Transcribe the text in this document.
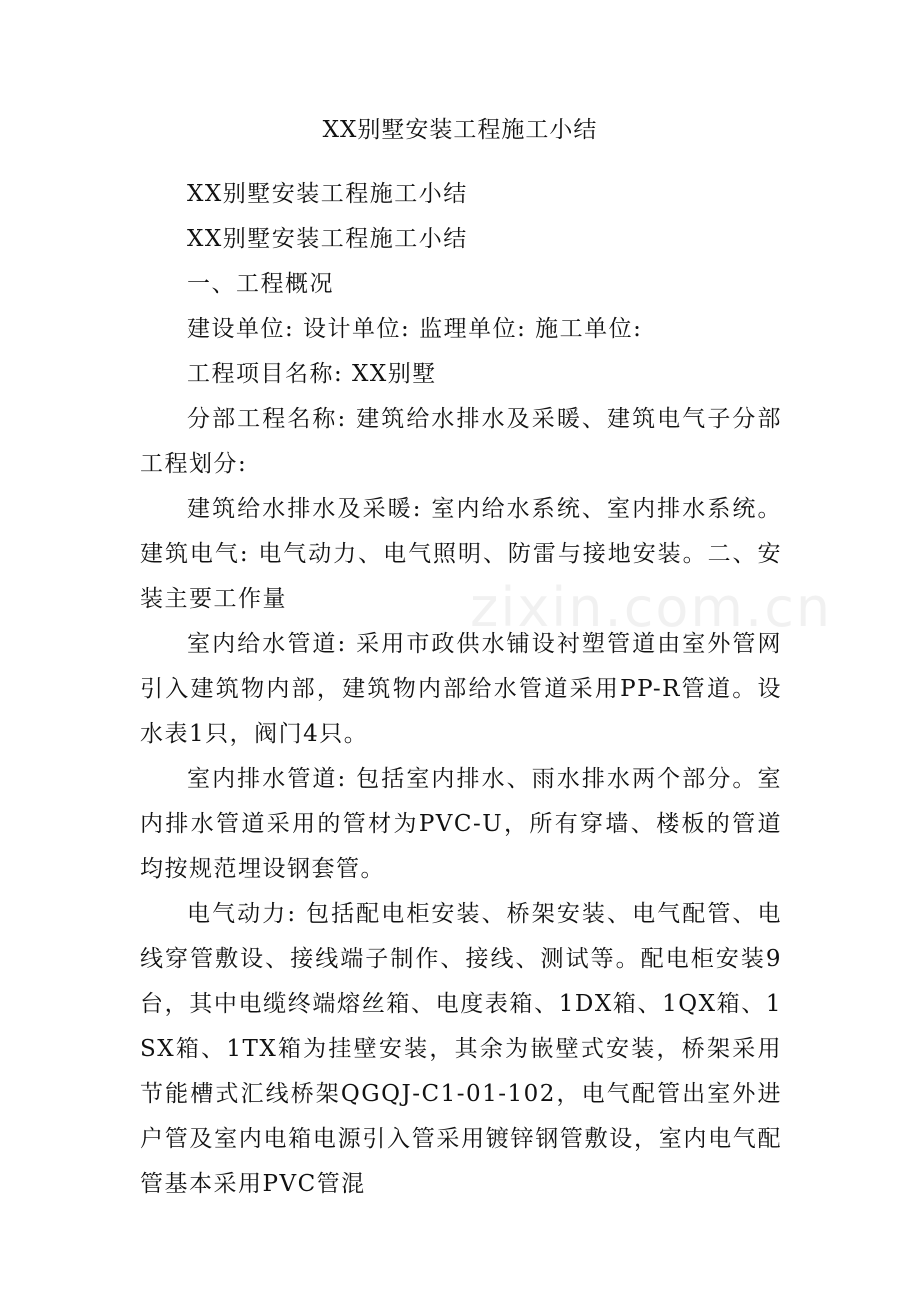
XX别墅安装工程施工小结

XX别墅安装工程施工小结

XX别墅安装工程施工小结

一、工程概况

建设单位: 设计单位: 监理单位: 施工单位:

工程项目名称: XX别墅

分部工程名称: 建筑给水排水及采暖、建筑电气子分部工程划分:

建筑给水排水及采暖: 室内给水系统、室内排水系统。建筑电气: 电气动力、电气照明、防雷与接地安装。二、安装主要工作量

室内给水管道: 采用市政供水铺设衬塑管道由室外管网引入建筑物内部，建筑物内部给水管道采用PP-R管道。设水表1只，阀门4只。

室内排水管道: 包括室内排水、雨水排水两个部分。室内排水管道采用的管材为PVC-U，所有穿墙、楼板的管道均按规范埋设钢套管。

电气动力: 包括配电柜安装、桥架安装、电气配管、电线穿管敷设、接线端子制作、接线、测试等。配电柜安装9台，其中电缆终端熔丝箱、电度表箱、1DX箱、1QX箱、1SX箱、1TX箱为挂壁安装，其余为嵌壁式安装，桥架采用节能槽式汇线桥架QGQJ-C1-01-102，电气配管出室外进户管及室内电箱电源引入管采用镀锌钢管敷设，室内电气配管基本采用PVC管混

zixin.com.cn
